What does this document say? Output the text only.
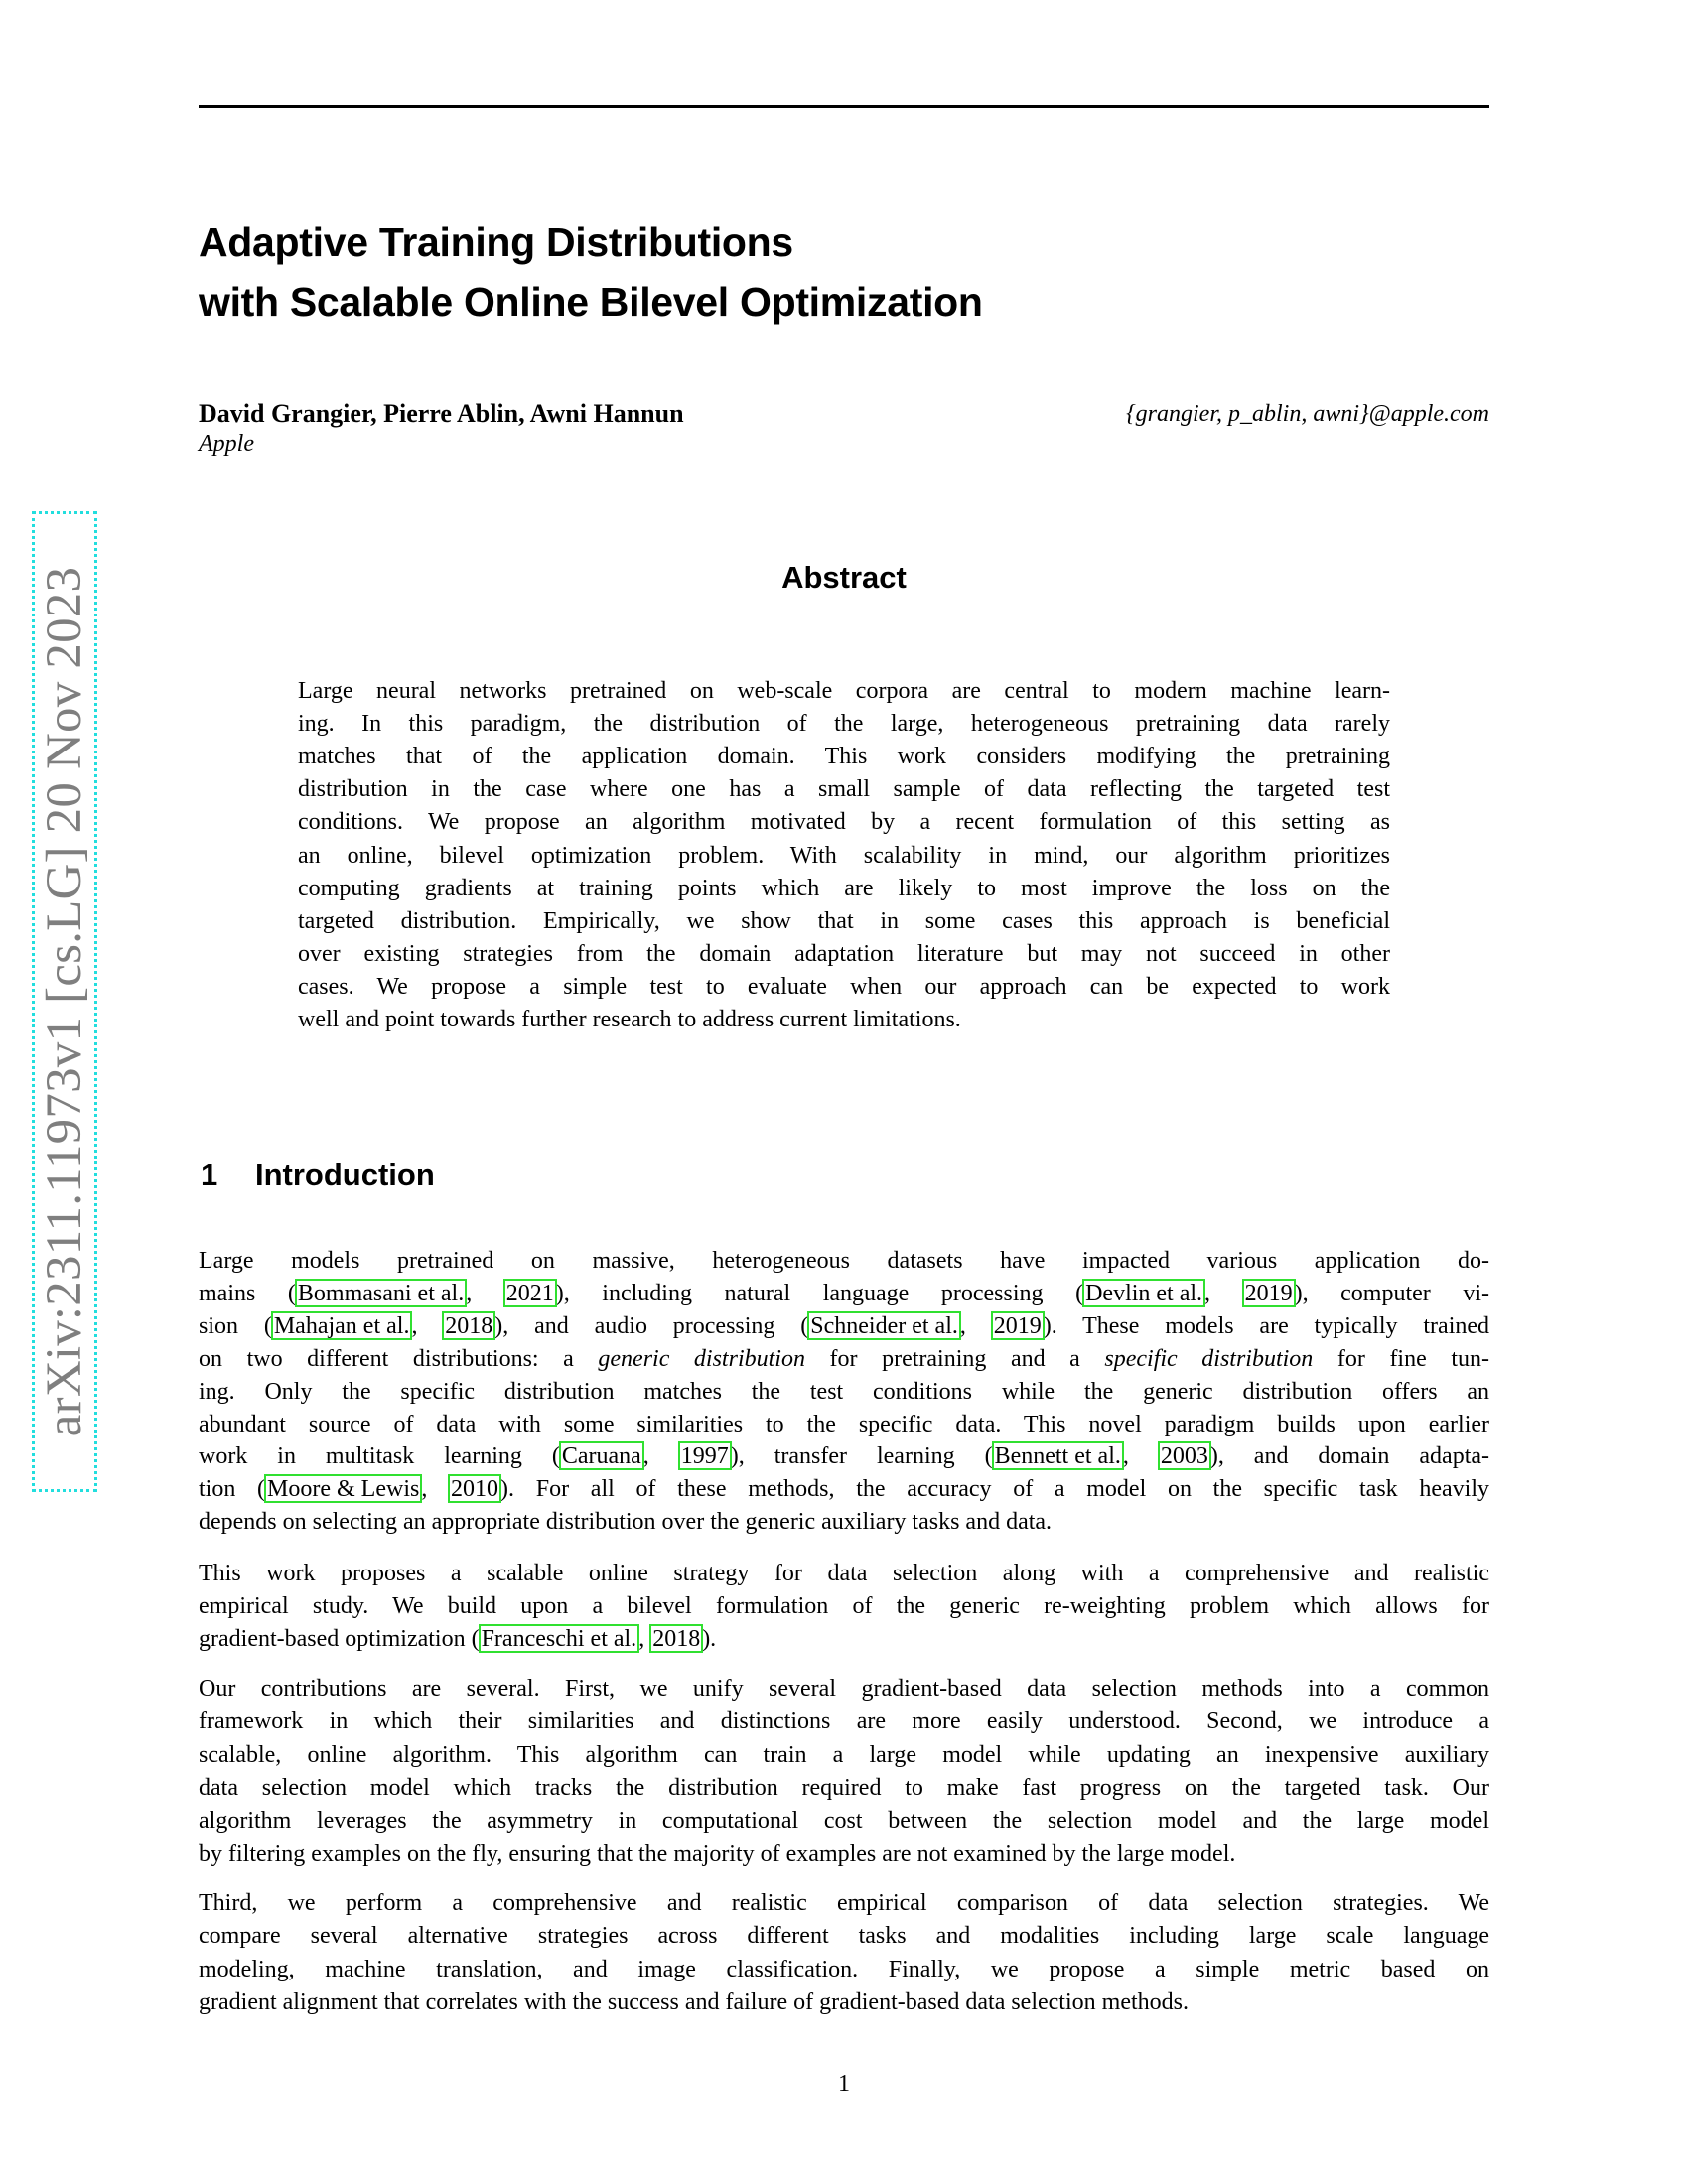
arXiv:2311.11973v1 [cs.LG] 20 Nov 2023
Adaptive Training Distributions
with Scalable Online Bilevel Optimization
David Grangier, Pierre Ablin, Awni Hannun
Apple
{grangier, p_ablin, awni}@apple.com
Abstract
Large neural networks pretrained on web-scale corpora are central to modern machine learn-
ing. In this paradigm, the distribution of the large, heterogeneous pretraining data rarely
matches that of the application domain. This work considers modifying the pretraining
distribution in the case where one has a small sample of data reflecting the targeted test
conditions. We propose an algorithm motivated by a recent formulation of this setting as
an online, bilevel optimization problem. With scalability in mind, our algorithm prioritizes
computing gradients at training points which are likely to most improve the loss on the
targeted distribution. Empirically, we show that in some cases this approach is beneficial
over existing strategies from the domain adaptation literature but may not succeed in other
cases. We propose a simple test to evaluate when our approach can be expected to work
well and point towards further research to address current limitations.
1 Introduction
Large models pretrained on massive, heterogeneous datasets have impacted various application do-
mains (Bommasani et al., 2021), including natural language processing (Devlin et al., 2019), computer vi-
sion (Mahajan et al., 2018), and audio processing (Schneider et al., 2019). These models are typically trained
on two different distributions: a generic distribution for pretraining and a specific distribution for fine tun-
ing. Only the specific distribution matches the test conditions while the generic distribution offers an
abundant source of data with some similarities to the specific data. This novel paradigm builds upon earlier
work in multitask learning (Caruana, 1997), transfer learning (Bennett et al., 2003), and domain adapta-
tion (Moore & Lewis, 2010). For all of these methods, the accuracy of a model on the specific task heavily
depends on selecting an appropriate distribution over the generic auxiliary tasks and data.
This work proposes a scalable online strategy for data selection along with a comprehensive and realistic
empirical study. We build upon a bilevel formulation of the generic re-weighting problem which allows for
gradient-based optimization (Franceschi et al., 2018).
Our contributions are several. First, we unify several gradient-based data selection methods into a common
framework in which their similarities and distinctions are more easily understood. Second, we introduce a
scalable, online algorithm. This algorithm can train a large model while updating an inexpensive auxiliary
data selection model which tracks the distribution required to make fast progress on the targeted task. Our
algorithm leverages the asymmetry in computational cost between the selection model and the large model
by filtering examples on the fly, ensuring that the majority of examples are not examined by the large model.
Third, we perform a comprehensive and realistic empirical comparison of data selection strategies. We
compare several alternative strategies across different tasks and modalities including large scale language
modeling, machine translation, and image classification. Finally, we propose a simple metric based on
gradient alignment that correlates with the success and failure of gradient-based data selection methods.
1
